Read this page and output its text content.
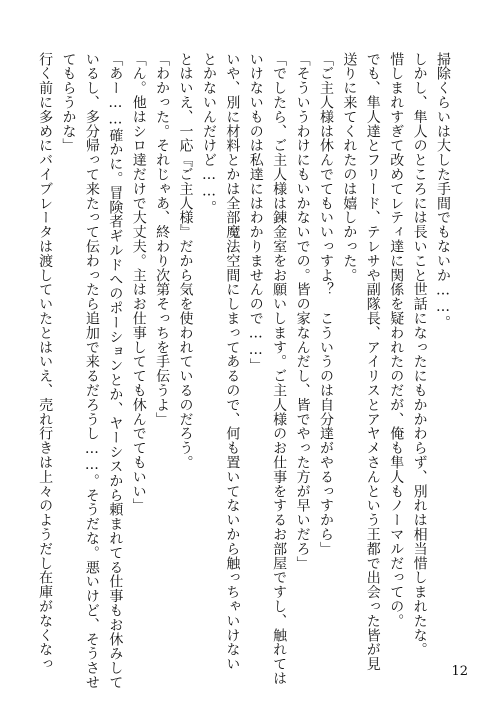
掃除くらいは大した手間でもないか……。

しかし、隼人のところには長いこと世話になったにもかかわらず、別れは相当惜しまれたな。

惜しまれすぎて改めてレティ達に関係を疑われたのだが、俺も隼人もノーマルだっての。

でも、隼人達とフリード、テレサや副隊長、アイリスとアヤメさんという王都で出会った皆が見

送りに来てくれたのは嬉しかった。

「ご主人様は休んでてもいいっすよ？　こういうのは自分達がやるっすから」

「そういうわけにもいかないでの。皆の家なんだし、皆でやった方が早いだろ」

「でしたら、ご主人様は錬金室をお願いします。ご主人様のお仕事をするお部屋ですし、触れては

いけないものは私達にはわかりませんので……」

いや、別に材料とかは全部魔法空間にしまってあるので、何も置いてないから触っちゃいけない

とかないんだけど……。

とはいえ、一応『ご主人様』だから気を使われているのだろう。

「わかった。それじゃあ、終わり次第そっちを手伝うよ」

「ん。他はシロ達だけで大丈夫。主はお仕事してても休んでてもいい」

「あー……確かに。冒険者ギルドへのポーションとか、ヤーシスから頼まれてる仕事もお休みして

いるし、多分帰って来たって伝わったら追加で来るだろうし……。そうだな。悪いけど、そうさせ

てもらうかな」

行く前に多めにバイブレータは渡していたとはいえ、売れ行きは上々のようだし在庫がなくなっ

12
